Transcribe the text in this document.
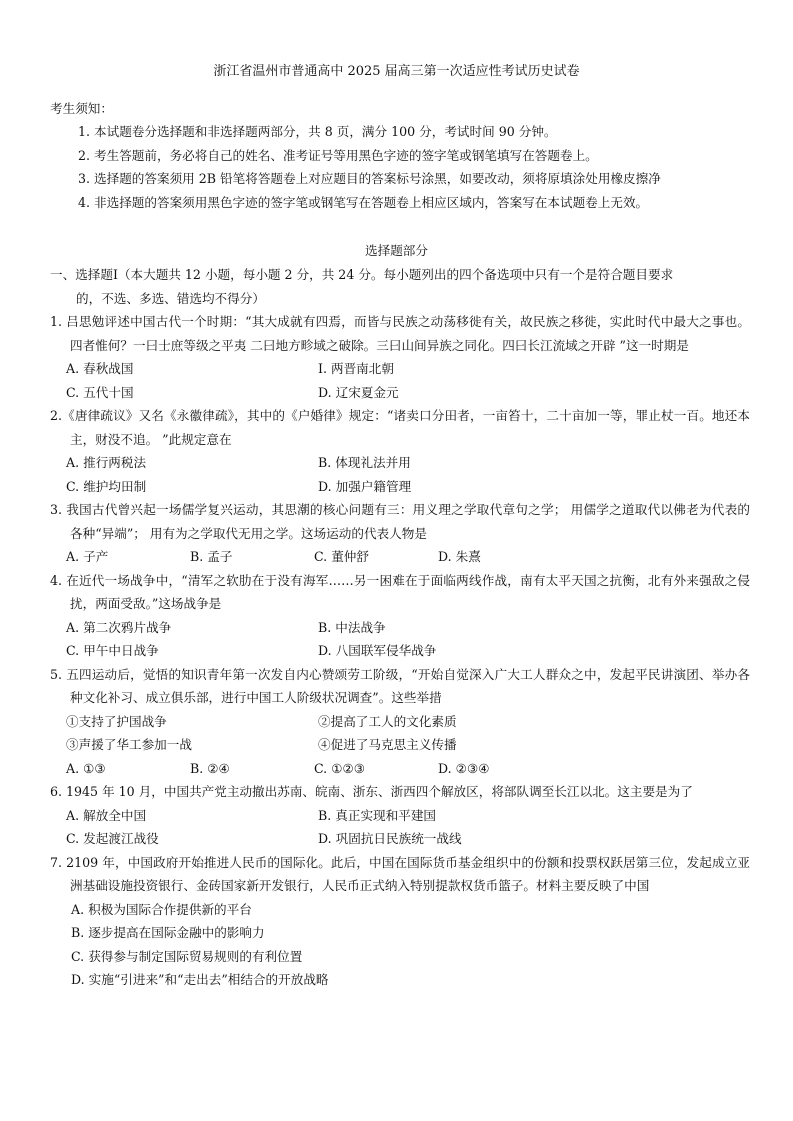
浙江省温州市普通高中 2025 届高三第一次适应性考试历史试卷
考生须知：
1. 本试题卷分选择题和非选择题两部分，共 8 页，满分 100 分，考试时间 90 分钟。
2. 考生答题前，务必将自己的姓名、准考证号等用黑色字迹的签字笔或钢笔填写在答题卷上。
3. 选择题的答案须用 2B 铅笔将答题卷上对应题目的答案标号涂黑，如要改动，须将原填涂处用橡皮擦净
4. 非选择题的答案须用黑色字迹的签字笔或钢笔写在答题卷上相应区域内，答案写在本试题卷上无效。
选择题部分
一、选择题Ⅰ（本大题共 12 小题，每小题 2 分，共 24 分。每小题列出的四个备选项中只有一个是符合题目要求
的，不选、多选、错选均不得分）
1. 吕思勉评述中国古代一个时期：“其大成就有四焉，而皆与民族之动荡移徙有关，故民族之移徙，实此时代中最大之事也。四者惟何？一曰士庶等级之平夷 二曰地方畛域之破除。三曰山间异族之同化。四曰长江流域之开辟 ”这一时期是
A. 春秋战国	Ⅰ. 两晋南北朝
C. 五代十国	D. 辽宋夏金元
2.《唐律疏议》又名《永徽律疏》，其中的《户婚律》规定：“诸卖口分田者，一亩笞十，二十亩加一等，罪止杖一百。地还本主，财没不追。 ”此规定意在
A. 推行两税法	B. 体现礼法并用
C. 维护均田制	D. 加强户籍管理
3. 我国古代曾兴起一场儒学复兴运动，其思潮的核心问题有三：用义理之学取代章句之学； 用儒学之道取代以佛老为代表的各种“异端”； 用有为之学取代无用之学。这场运动的代表人物是
A. 子产	B. 孟子	C. 董仲舒	D. 朱熹
4. 在近代一场战争中，“清军之软肋在于没有海军……另一困难在于面临两线作战，南有太平天国之抗衡，北有外来强敌之侵扰，两面受敌。”这场战争是
A. 第二次鸦片战争	B. 中法战争
C. 甲午中日战争	D. 八国联军侵华战争
5. 五四运动后，觉悟的知识青年第一次发自内心赞颂劳工阶级，“开始自觉深入广大工人群众之中，发起平民讲演团、举办各种文化补习、成立俱乐部，进行中国工人阶级状况调查”。这些举措
①支持了护国战争	②提高了工人的文化素质
③声援了华工参加一战	④促进了马克思主义传播
A. ①③	B. ②④	C. ①②③	D. ②③④
6. 1945 年 10 月，中国共产党主动撤出苏南、皖南、浙东、浙西四个解放区，将部队调至长江以北。这主要是为了
A. 解放全中国	B. 真正实现和平建国
C. 发起渡江战役	D. 巩固抗日民族统一战线
7. 2109 年，中国政府开始推进人民币的国际化。此后，中国在国际货币基金组织中的份额和投票权跃居第三位，发起成立亚洲基础设施投资银行、金砖国家新开发银行，人民币正式纳入特别提款权货币篮子。材料主要反映了中国
A. 积极为国际合作提供新的平台
B. 逐步提高在国际金融中的影响力
C. 获得参与制定国际贸易规则的有利位置
D. 实施“引进来”和“走出去”相结合的开放战略
